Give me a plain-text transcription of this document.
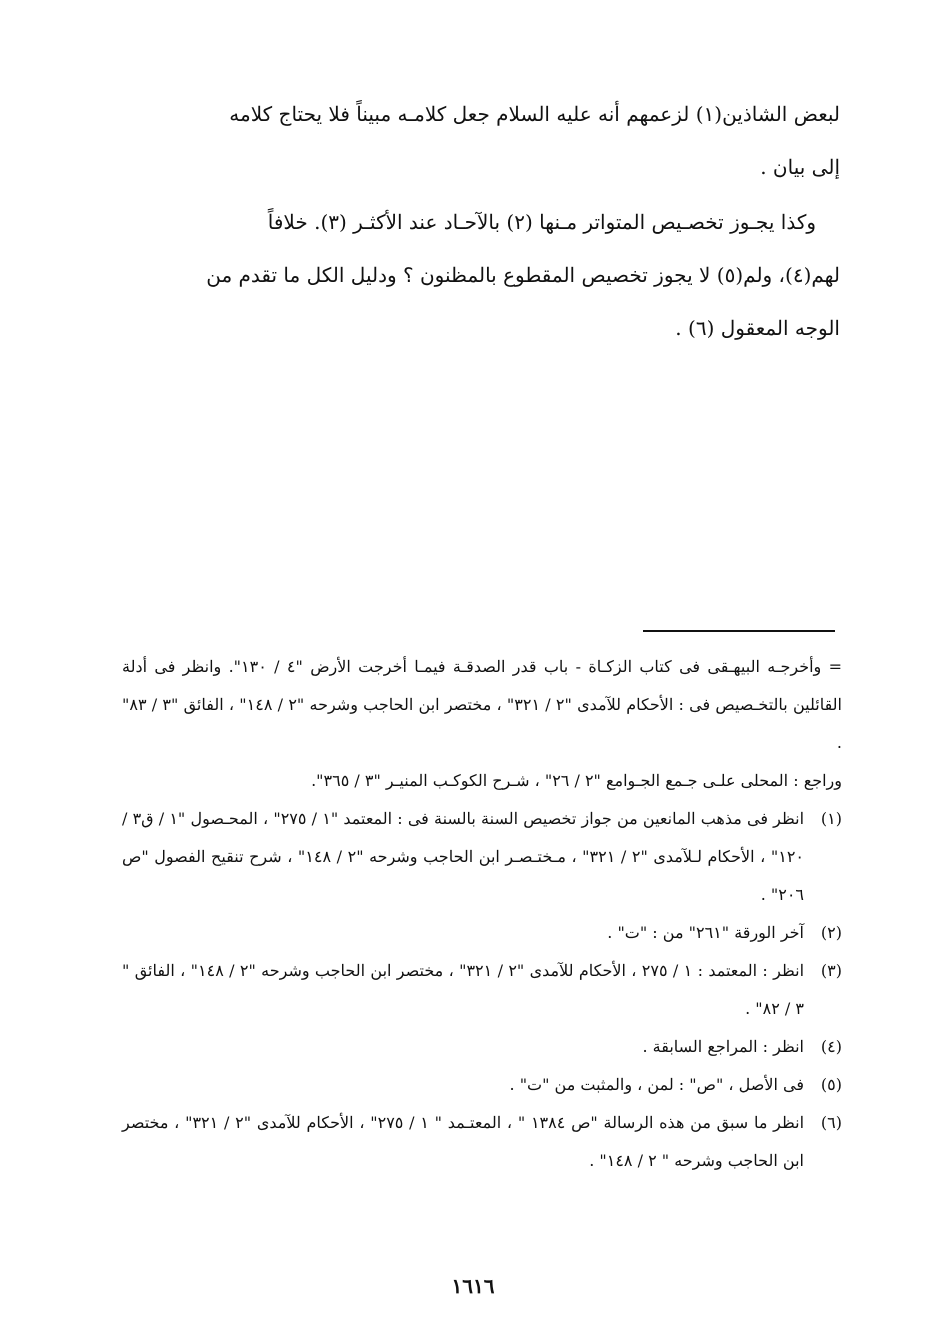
لبعض الشاذين(١) لزعمهم أنه عليه السلام جعل كلامـه مبيناً فلا يحتاج كلامه
إلى بيان .

وكذا يجـوز تخصـيص المتواتر مـنها (٢) بالآحـاد عند الأكثـر (٣). خلافاً
لهم(٤)، ولم(٥) لا يجوز تخصيص المقطوع بالمظنون ؟ ودليل الكل ما تقدم من
الوجه المعقول (٦) .

= وأخرجـه البيهـقى فى كتاب الزكـاة - باب قدر الصدقـة فيمـا أخرجت الأرض "٤ / ١٣٠". وانظر فى أدلة القائلين بالتخـصيص فى : الأحكام للآمدى "٢ / ٣٢١" ، مختصر ابن الحاجب وشرحه "٢ / ١٤٨" ، الفائق "٣ / ٨٣" .
وراجع : المحلى علـى جـمع الجـوامع "٢ / ٢٦" ، شـرح الكوكـب المنيـر "٣ / ٣٦٥".
(١)
انظر فى مذهب المانعين من جواز تخصيص السنة بالسنة فى : المعتمد "١ / ٢٧٥" ، المحـصول "١ / ق٣ / ١٢٠" ، الأحكام لـلآمدى "٢ / ٣٢١" ، مـختـصـر ابن الحاجب وشرحه "٢ / ١٤٨" ، شرح تنقيح الفصول "ص ٢٠٦" .
(٢)
آخر الورقة "٢٦١" من : "ت" .
(٣)
انظر : المعتمد : ١ / ٢٧٥ ، الأحكام للآمدى "٢ / ٣٢١" ، مختصر ابن الحاجب وشرحه "٢ / ١٤٨" ، الفائق " ٣ / ٨٢" .
(٤)
انظر : المراجع السابقة .
(٥)
فى الأصل ، "ص" : لمن ، والمثبت من "ت" .
(٦)
انظر ما سبق من هذه الرسالة "ص ١٣٨٤ " ، المعتـمد " ١ / ٢٧٥" ، الأحكام للآمدى "٢ / ٣٢١" ، مختصر ابن الحاجب وشرحه " ٢ / ١٤٨" .
١٦١٦
